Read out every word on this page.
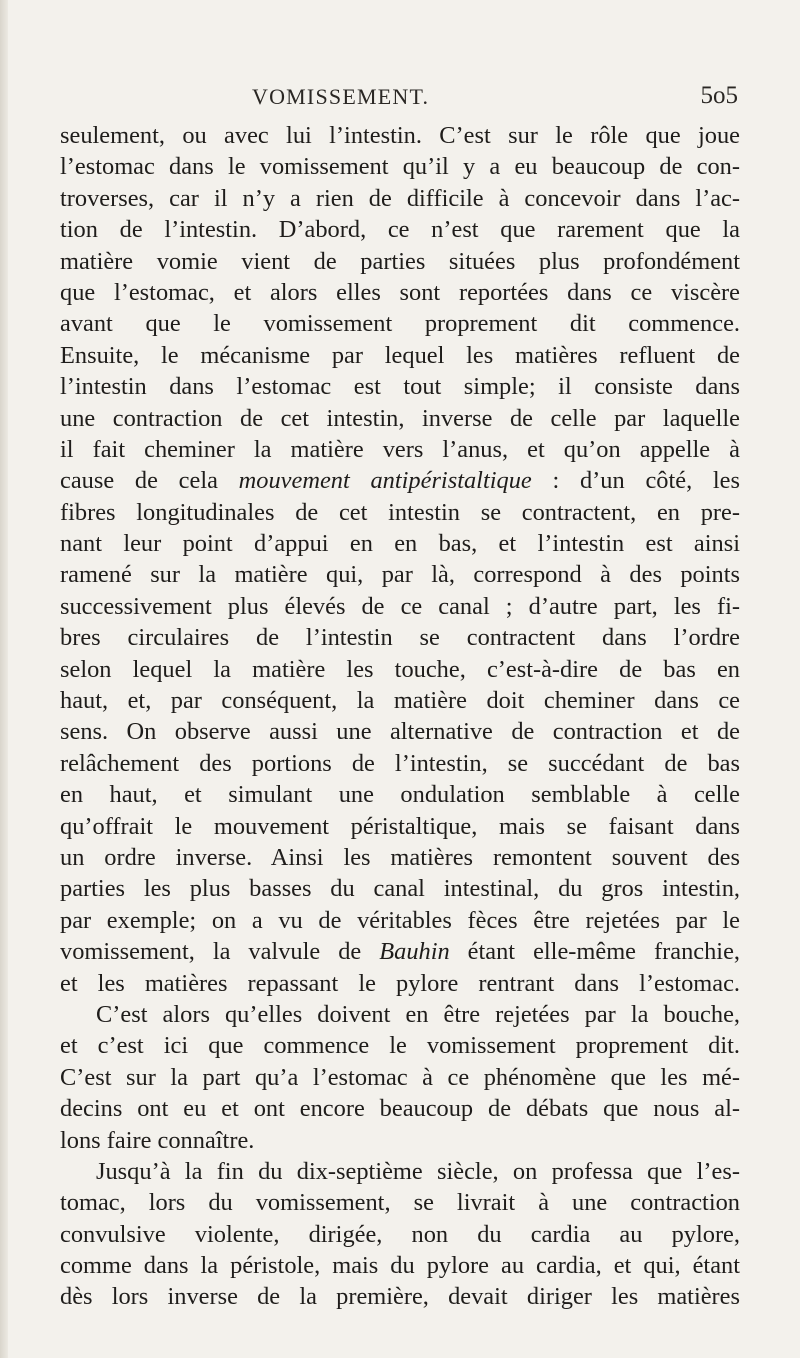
VOMISSEMENT.	5o5
seulement, ou avec lui l’intestin. C’est sur le rôle que joue
l’estomac dans le vomissement qu’il y a eu beaucoup de con-
troverses, car il n’y a rien de difficile à concevoir dans l’ac-
tion de l’intestin. D’abord, ce n’est que rarement que la
matière vomie vient de parties situées plus profondément
que l’estomac, et alors elles sont reportées dans ce viscère
avant que le vomissement proprement dit commence.
Ensuite, le mécanisme par lequel les matières refluent de
l’intestin dans l’estomac est tout simple; il consiste dans
une contraction de cet intestin, inverse de celle par laquelle
il fait cheminer la matière vers l’anus, et qu’on appelle à
cause de cela mouvement antipéristaltique : d’un côté, les
fibres longitudinales de cet intestin se contractent, en pre-
nant leur point d’appui en en bas, et l’intestin est ainsi
ramené sur la matière qui, par là, correspond à des points
successivement plus élevés de ce canal ; d’autre part, les fi-
bres circulaires de l’intestin se contractent dans l’ordre
selon lequel la matière les touche, c’est-à-dire de bas en
haut, et, par conséquent, la matière doit cheminer dans ce
sens. On observe aussi une alternative de contraction et de
relâchement des portions de l’intestin, se succédant de bas
en haut, et simulant une ondulation semblable à celle
qu’offrait le mouvement péristaltique, mais se faisant dans
un ordre inverse. Ainsi les matières remontent souvent des
parties les plus basses du canal intestinal, du gros intestin,
par exemple; on a vu de véritables fèces être rejetées par le
vomissement, la valvule de Bauhin étant elle-même franchie,
et les matières repassant le pylore rentrant dans l’estomac.
C’est alors qu’elles doivent en être rejetées par la bouche,
et c’est ici que commence le vomissement proprement dit.
C’est sur la part qu’a l’estomac à ce phénomène que les mé-
decins ont eu et ont encore beaucoup de débats que nous al-
lons faire connaître.
Jusqu’à la fin du dix-septième siècle, on professa que l’es-
tomac, lors du vomissement, se livrait à une contraction
convulsive violente, dirigée, non du cardia au pylore,
comme dans la péristole, mais du pylore au cardia, et qui, étant
dès lors inverse de la première, devait diriger les matières
